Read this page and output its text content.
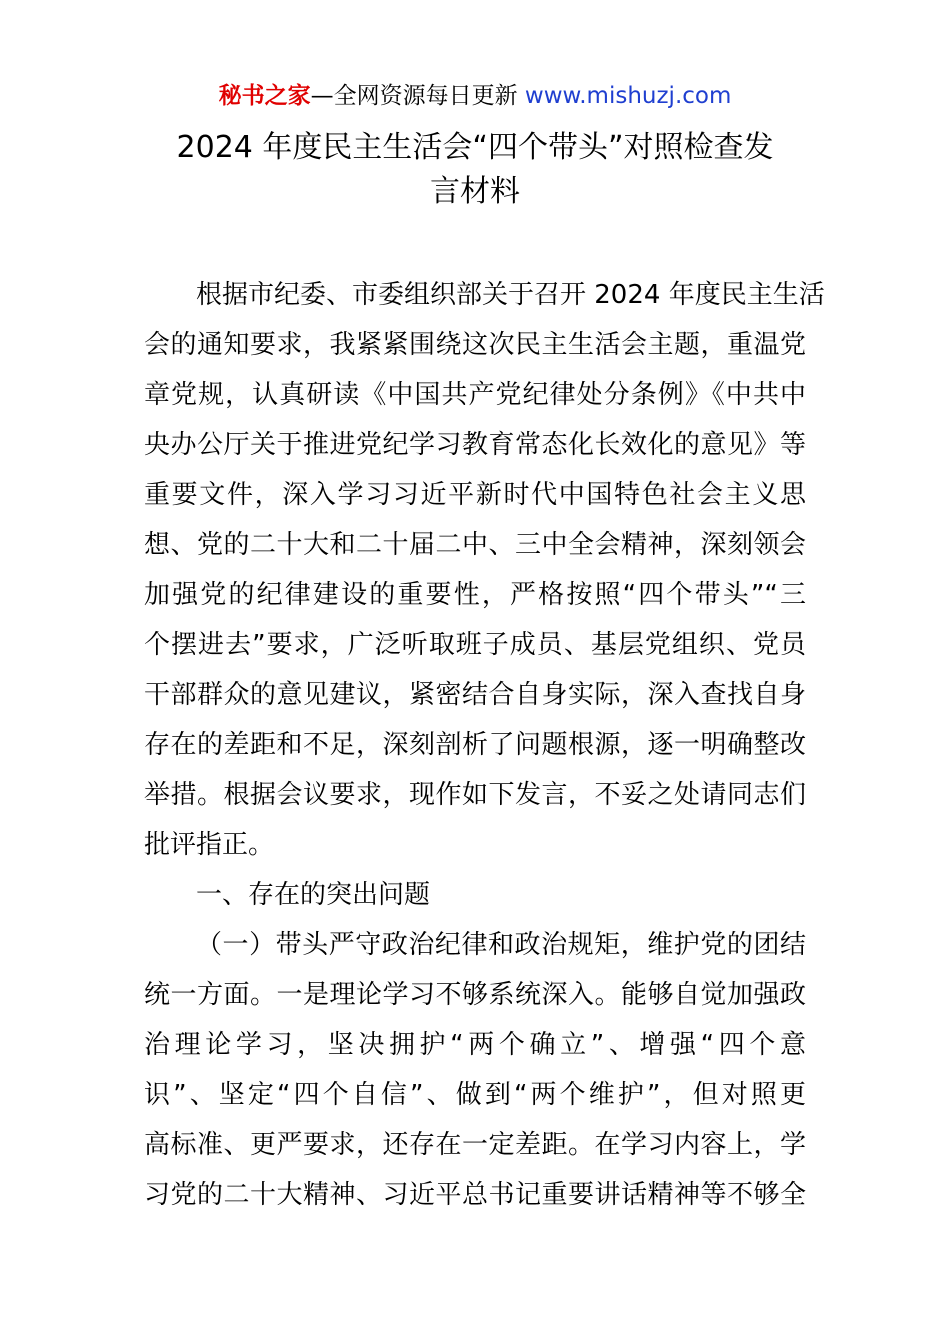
秘书之家—全网资源每日更新 www.mishuzj.com
2024 年度民主生活会“四个带头”对照检查发
言材料
根据市纪委、市委组织部关于召开 2024 年度民主生活
会的通知要求，我紧紧围绕这次民主生活会主题，重温党
章党规，认真研读《中国共产党纪律处分条例》《中共中
央办公厅关于推进党纪学习教育常态化长效化的意见》等
重要文件，深入学习习近平新时代中国特色社会主义思
想、党的二十大和二十届二中、三中全会精神，深刻领会
加强党的纪律建设的重要性，严格按照“四个带头”“三
个摆进去”要求，广泛听取班子成员、基层党组织、党员
干部群众的意见建议，紧密结合自身实际，深入查找自身
存在的差距和不足，深刻剖析了问题根源，逐一明确整改
举措。根据会议要求，现作如下发言，不妥之处请同志们
批评指正。
一、存在的突出问题
（一）带头严守政治纪律和政治规矩，维护党的团结
统一方面。一是理论学习不够系统深入。能够自觉加强政
治理论学习，坚决拥护“两个确立”、增强“四个意
识”、坚定“四个自信”、做到“两个维护”，但对照更
高标准、更严要求，还存在一定差距。在学习内容上，学
习党的二十大精神、习近平总书记重要讲话精神等不够全
